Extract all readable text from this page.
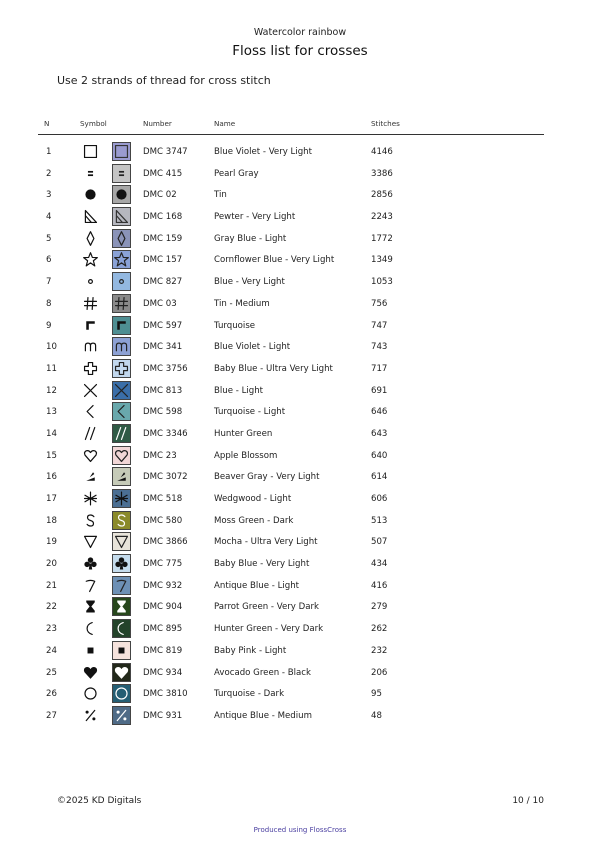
Watercolor rainbow
Floss list for crosses
Use 2 strands of thread for cross stitch
N	Symbol	Number	Name	Stitches
1	DMC 3747	Blue Violet - Very Light	4146
2	DMC 415	Pearl Gray	3386
3	DMC 02	Tin	2856
4	DMC 168	Pewter - Very Light	2243
5	DMC 159	Gray Blue - Light	1772
6	DMC 157	Cornflower Blue - Very Light	1349
7	DMC 827	Blue - Very Light	1053
8	DMC 03	Tin - Medium	756
9	DMC 597	Turquoise	747
10	DMC 341	Blue Violet - Light	743
11	DMC 3756	Baby Blue - Ultra Very Light	717
12	DMC 813	Blue - Light	691
13	DMC 598	Turquoise - Light	646
14	DMC 3346	Hunter Green	643
15	DMC 23	Apple Blossom	640
16	DMC 3072	Beaver Gray - Very Light	614
17	DMC 518	Wedgwood - Light	606
18	DMC 580	Moss Green - Dark	513
19	DMC 3866	Mocha - Ultra Very Light	507
20	DMC 775	Baby Blue - Very Light	434
21	DMC 932	Antique Blue - Light	416
22	DMC 904	Parrot Green - Very Dark	279
23	DMC 895	Hunter Green - Very Dark	262
24	DMC 819	Baby Pink - Light	232
25	DMC 934	Avocado Green - Black	206
26	DMC 3810	Turquoise - Dark	95
27	DMC 931	Antique Blue - Medium	48
©2025 KD Digitals	10 / 10
Produced using FlossCross
